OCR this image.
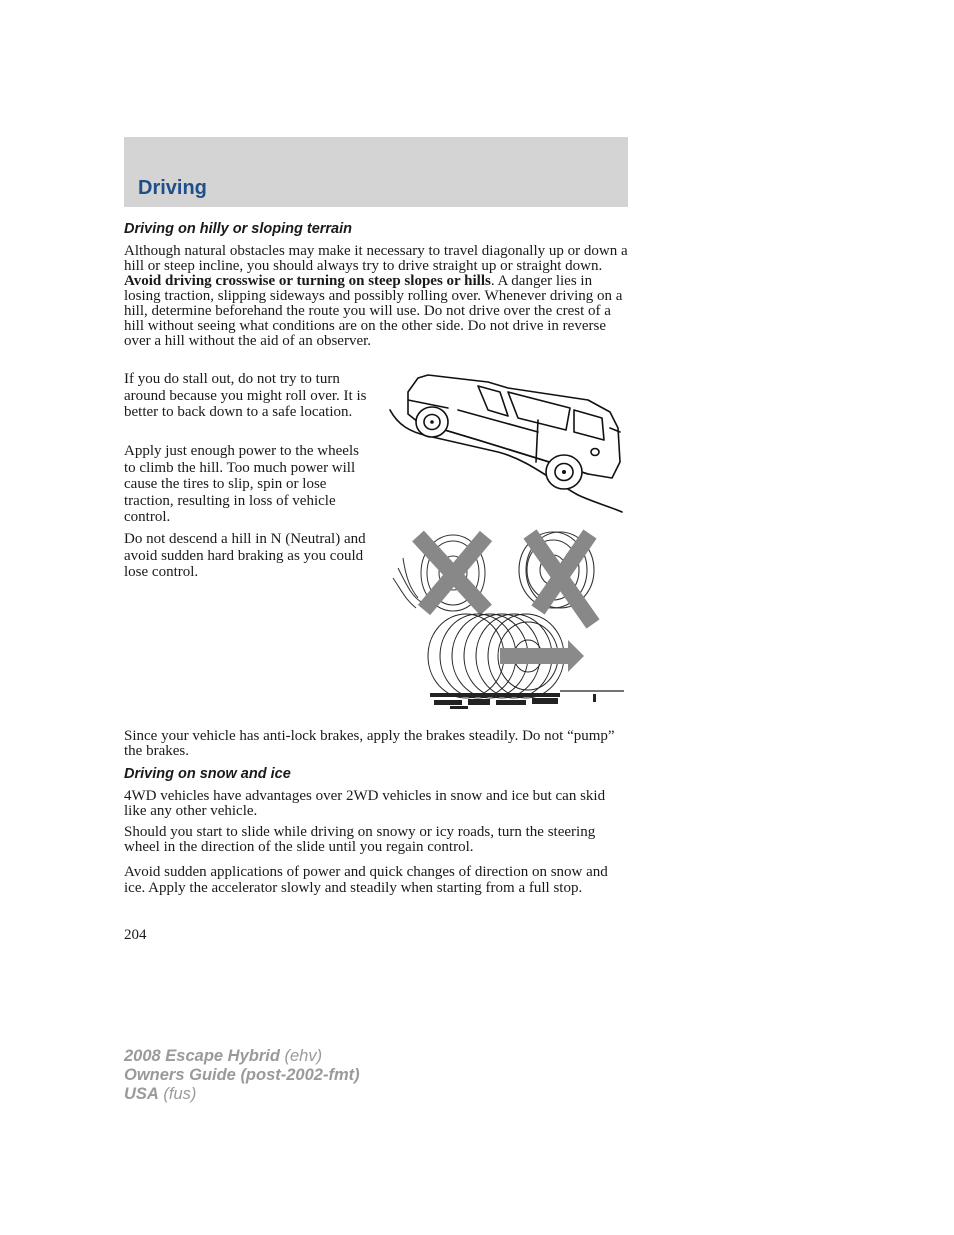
Driving
Driving on hilly or sloping terrain

Although natural obstacles may make it necessary to travel diagonally up or down a hill or steep incline, you should always try to drive straight up or straight down. Avoid driving crosswise or turning on steep slopes or hills. A danger lies in losing traction, slipping sideways and possibly rolling over. Whenever driving on a hill, determine beforehand the route you will use. Do not drive over the crest of a hill without seeing what conditions are on the other side. Do not drive in reverse over a hill without the aid of an observer.

If you do stall out, do not try to turn around because you might roll over. It is better to back down to a safe location.

Apply just enough power to the wheels to climb the hill. Too much power will cause the tires to slip, spin or lose traction, resulting in loss of vehicle control.

Do not descend a hill in N (Neutral) and avoid sudden hard braking as you could lose control.

Since your vehicle has anti-lock brakes, apply the brakes steadily. Do not “pump” the brakes.

Driving on snow and ice

4WD vehicles have advantages over 2WD vehicles in snow and ice but can skid like any other vehicle.

Should you start to slide while driving on snowy or icy roads, turn the steering wheel in the direction of the slide until you regain control.

Avoid sudden applications of power and quick changes of direction on snow and ice. Apply the accelerator slowly and steadily when starting from a full stop.

204
2008 Escape Hybrid (ehv)
Owners Guide (post-2002-fmt)
USA (fus)
